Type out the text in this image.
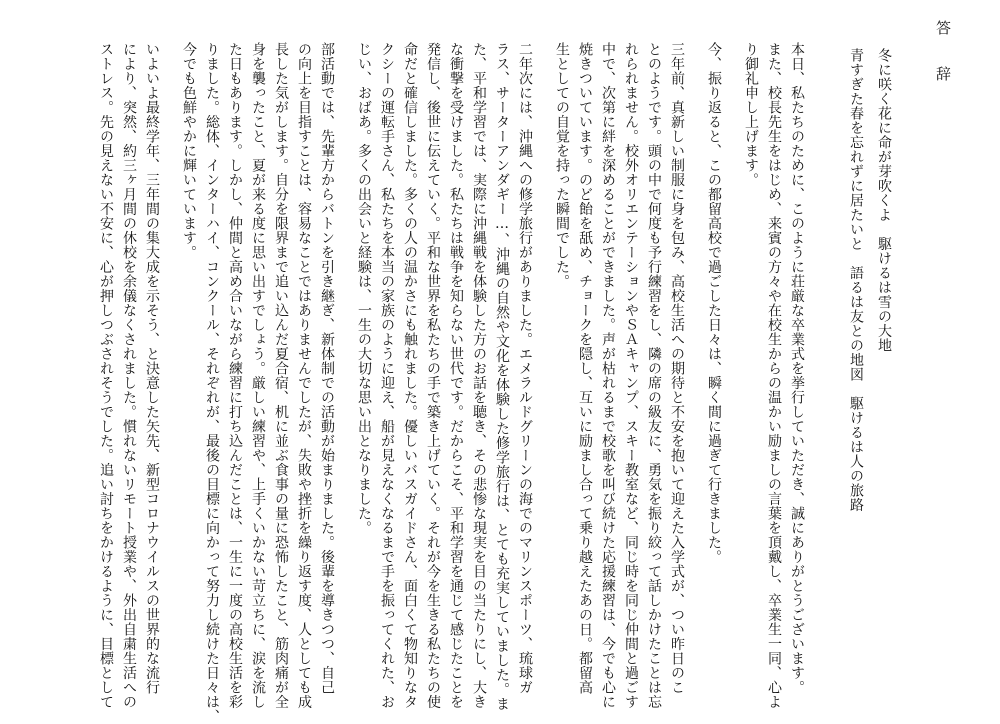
答　辞
冬に咲く花に命が芽吹くよ　駆けるは雪の大地
青すぎた春を忘れずに居たいと　語るは友との地図　駆けるは人の旅路
本日、私たちのために、このように荘厳な卒業式を挙行していただき、誠にありがとうございます。
また、校長先生をはじめ、来賓の方々や在校生からの温かい励ましの言葉を頂戴し、卒業生一同、心よ
り御礼申し上げます。
今、振り返ると、この都留高校で過ごした日々は、瞬く間に過ぎて行きました。
三年前、真新しい制服に身を包み、高校生活への期待と不安を抱いて迎えた入学式が、つい昨日のこ
とのようです。頭の中で何度も予行練習をし、隣の席の級友に、勇気を振り絞って話しかけたことは忘
れられません。校外オリエンテーションやＳＡキャンプ、スキー教室など、同じ時を同じ仲間と過ごす
中で、次第に絆を深めることができました。声が枯れるまで校歌を叫び続けた応援練習は、今でも心に
焼きついています。のど飴を舐め、チョークを隠し、互いに励まし合って乗り越えたあの日。都留高
生としての自覚を持った瞬間でした。
二年次には、沖縄への修学旅行がありました。エメラルドグリーンの海でのマリンスポーツ、琉球ガ
ラス、サーターアンダギー…、沖縄の自然や文化を体験した修学旅行は、とても充実していました。ま
た、平和学習では、実際に沖縄戦を体験した方のお話を聴き、その悲惨な現実を目の当たりにし、大き
な衝撃を受けました。私たちは戦争を知らない世代です。だからこそ、平和学習を通じて感じたことを
発信し、後世に伝えていく。平和な世界を私たちの手で築き上げていく。それが今を生きる私たちの使
命だと確信しました。多くの人の温かさにも触れました。優しいバスガイドさん、面白くて物知りなタ
クシーの運転手さん、私たちを本当の家族のように迎え、船が見えなくなるまで手を振ってくれた、お
じい、おばあ。多くの出会いと経験は、一生の大切な思い出となりました。
部活動では、先輩方からバトンを引き継ぎ、新体制での活動が始まりました。後輩を導きつつ、自己
の向上を目指すことは、容易なことではありませんでしたが、失敗や挫折を繰り返す度、人としても成
長した気がします。自分を限界まで追い込んだ夏合宿、机に並ぶ食事の量に恐怖したこと、筋肉痛が全
身を襲ったこと、夏が来る度に思い出すでしょう。厳しい練習や、上手くいかない苛立ちに、涙を流し
た日もあります。しかし、仲間と高め合いながら練習に打ち込んだことは、一生に一度の高校生活を彩
りました。総体、インターハイ、コンクール、それぞれが、最後の目標に向かって努力し続けた日々は、
今でも色鮮やかに輝いています。
いよいよ最終学年、三年間の集大成を示そう、と決意した矢先、新型コロナウイルスの世界的な流行
により、突然、約三ヶ月間の休校を余儀なくされました。慣れないリモート授業や、外出自粛生活への
ストレス。先の見えない不安に、心が押しつぶされそうでした。追い討ちをかけるように、目標として
